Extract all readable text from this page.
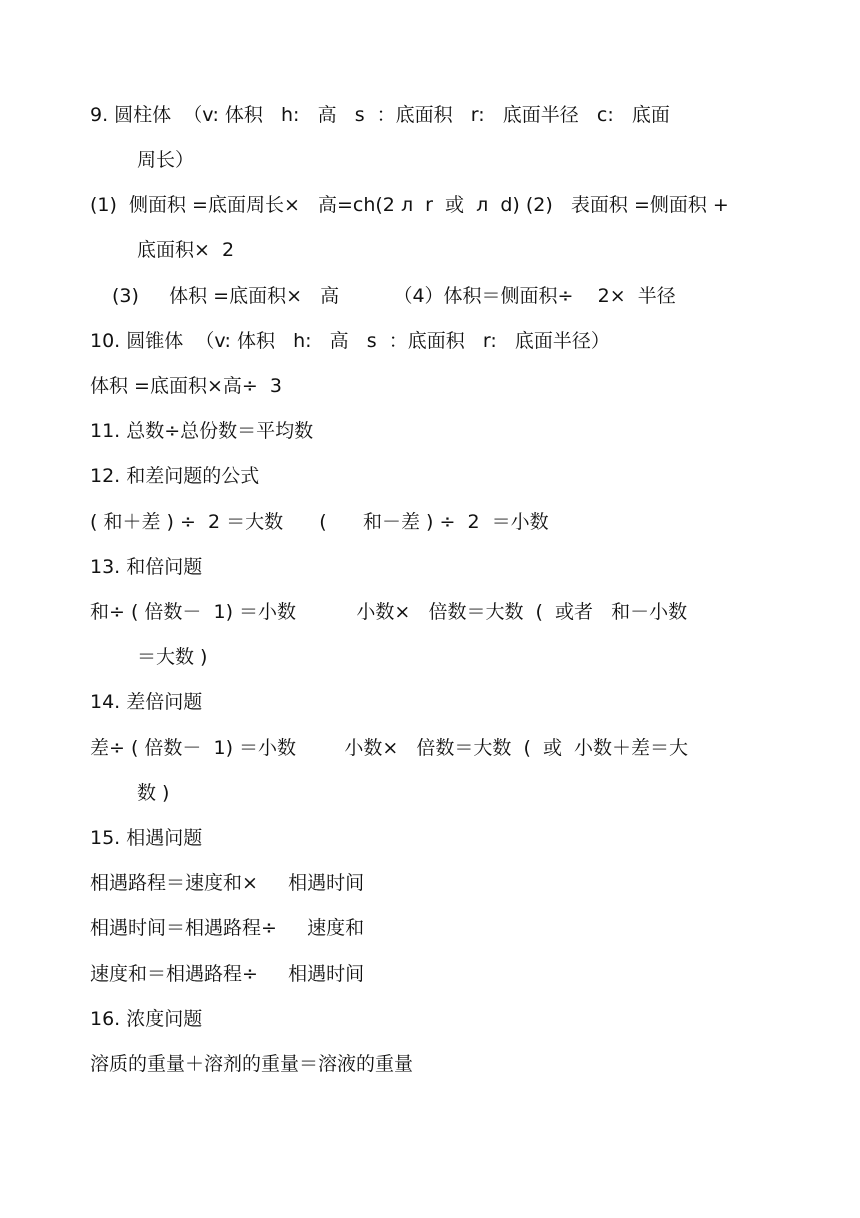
9. 圆柱体  （v: 体积   h:   高   s  ：底面积   r:   底面半径   c:   底面
周长）
(1)  侧面积 =底面周长×   高=ch(2 л  r  或  л  d) (2)   表面积 =侧面积 +
底面积×  2
(3)     体积 =底面积×   高         （4）体积＝侧面积÷    2×  半径
10. 圆锥体  （v: 体积   h:   高   s  ：底面积   r:   底面半径）
体积 =底面积×高÷  3
11. 总数÷总份数＝平均数
12. 和差问题的公式
( 和＋差 ) ÷  2 ＝大数      (      和－差 ) ÷  2  ＝小数
13. 和倍问题
和÷ ( 倍数－  1) ＝小数          小数×   倍数＝大数  (  或者   和－小数
＝大数 )
14. 差倍问题
差÷ ( 倍数－  1) ＝小数        小数×   倍数＝大数  (  或  小数＋差＝大
数 )
15. 相遇问题
相遇路程＝速度和×     相遇时间
相遇时间＝相遇路程÷     速度和
速度和＝相遇路程÷     相遇时间
16. 浓度问题
溶质的重量＋溶剂的重量＝溶液的重量
